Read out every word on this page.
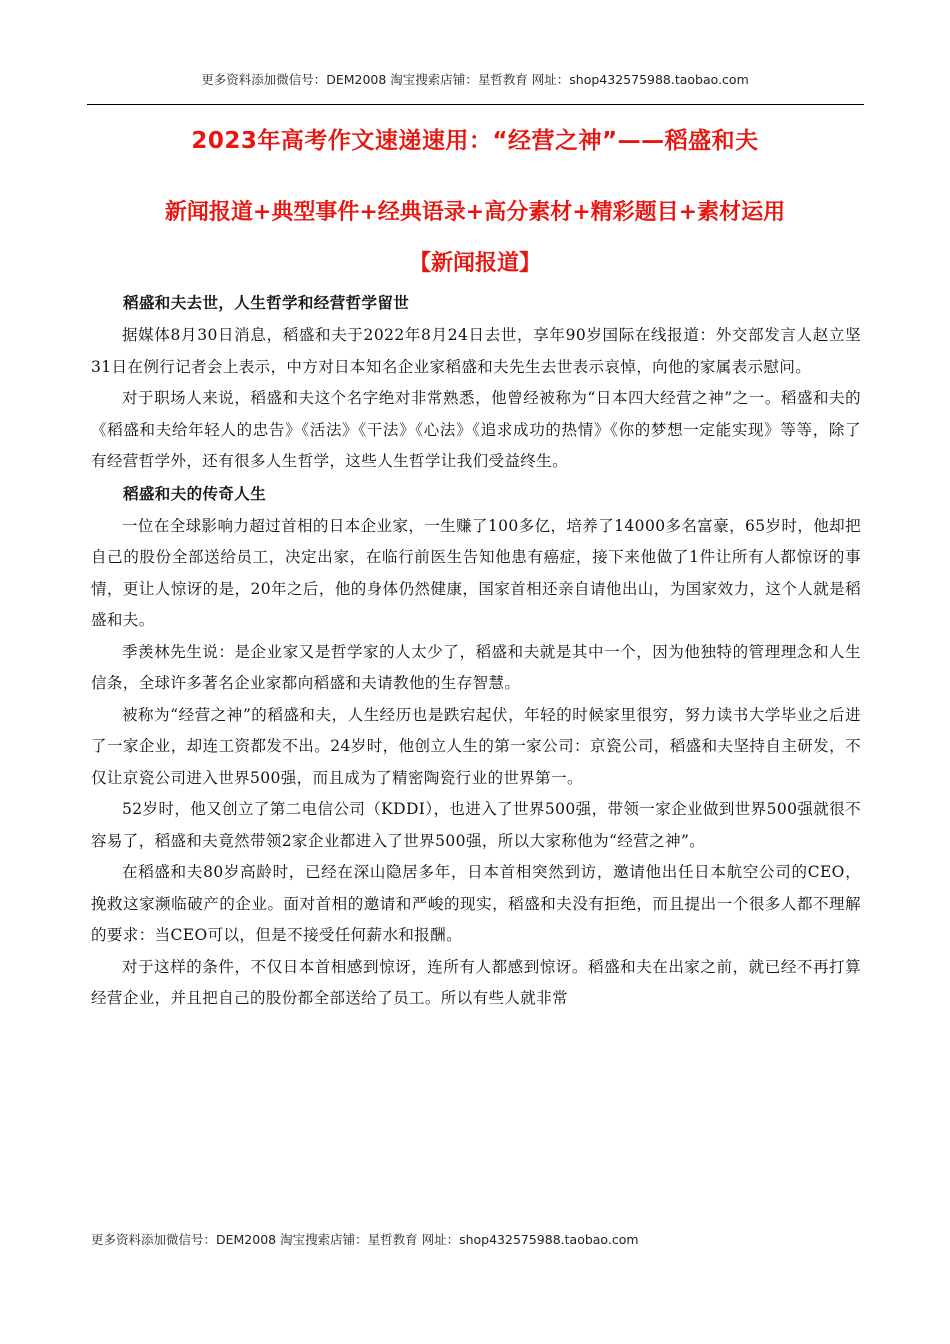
更多资料添加微信号：DEM2008 淘宝搜索店铺：星哲教育 网址：shop432575988.taobao.com
2023年高考作文速递速用：“经营之神”——稻盛和夫
新闻报道+典型事件+经典语录+高分素材+精彩题目+素材运用
【新闻报道】
稻盛和夫去世，人生哲学和经营哲学留世

据媒体8月30日消息，稻盛和夫于2022年8月24日去世，享年90岁国际在线报道：外交部发言人赵立坚31日在例行记者会上表示，中方对日本知名企业家稻盛和夫先生去世表示哀悼，向他的家属表示慰问。

对于职场人来说，稻盛和夫这个名字绝对非常熟悉，他曾经被称为“日本四大经营之神”之一。稻盛和夫的《稻盛和夫给年轻人的忠告》《活法》《干法》《心法》《追求成功的热情》《你的梦想一定能实现》等等，除了有经营哲学外，还有很多人生哲学，这些人生哲学让我们受益终生。

稻盛和夫的传奇人生

一位在全球影响力超过首相的日本企业家，一生赚了100多亿，培养了14000多名富豪，65岁时，他却把自己的股份全部送给员工，决定出家，在临行前医生告知他患有癌症，接下来他做了1件让所有人都惊讶的事情，更让人惊讶的是，20年之后，他的身体仍然健康，国家首相还亲自请他出山，为国家效力，这个人就是稻盛和夫。

季羡林先生说：是企业家又是哲学家的人太少了，稻盛和夫就是其中一个，因为他独特的管理理念和人生信条，全球许多著名企业家都向稻盛和夫请教他的生存智慧。

被称为“经营之神”的稻盛和夫，人生经历也是跌宕起伏，年轻的时候家里很穷，努力读书大学毕业之后进了一家企业，却连工资都发不出。24岁时，他创立人生的第一家公司：京瓷公司，稻盛和夫坚持自主研发，不仅让京瓷公司进入世界500强，而且成为了精密陶瓷行业的世界第一。

52岁时，他又创立了第二电信公司（KDDI），也进入了世界500强，带领一家企业做到世界500强就很不容易了，稻盛和夫竟然带领2家企业都进入了世界500强，所以大家称他为“经营之神”。

在稻盛和夫80岁高龄时，已经在深山隐居多年，日本首相突然到访，邀请他出任日本航空公司的CEO，挽救这家濒临破产的企业。面对首相的邀请和严峻的现实，稻盛和夫没有拒绝，而且提出一个很多人都不理解的要求：当CEO可以，但是不接受任何薪水和报酬。

对于这样的条件，不仅日本首相感到惊讶，连所有人都感到惊讶。稻盛和夫在出家之前，就已经不再打算经营企业，并且把自己的股份都全部送给了员工。所以有些人就非常

更多资料添加微信号：DEM2008 淘宝搜索店铺：星哲教育 网址：shop432575988.taobao.com
